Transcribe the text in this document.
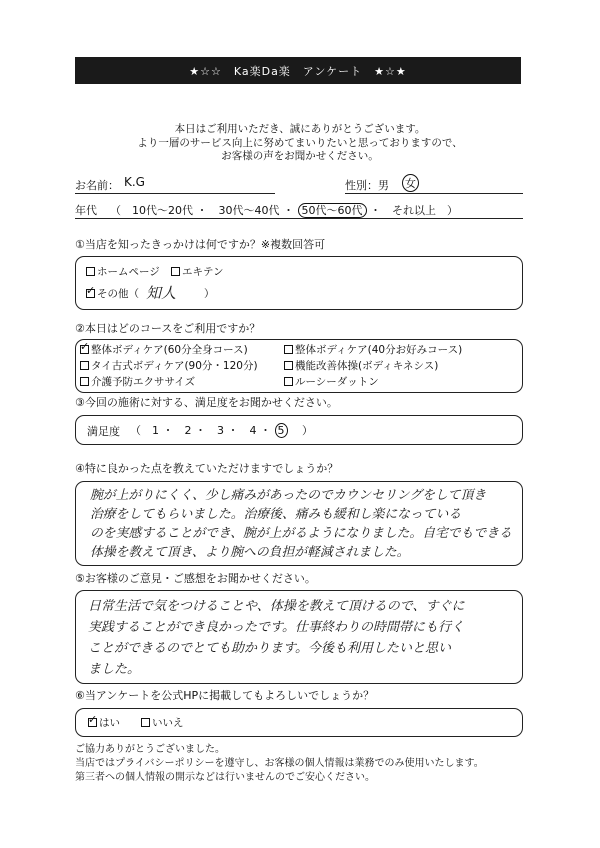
★☆☆　Ka楽Da楽　アンケート　★☆★
本日はご利用いただき、誠にありがとうございます。
より一層のサービス向上に努めてまいりたいと思っておりますので、
お客様の声をお聞かせください。
お名前： K.G	性別：男 女
年代 （　10代〜20代 ・　30代〜40代 ・ 50代〜60代 ・　それ以上　）
①当店を知ったきっかけは何ですか？※複数回答可
ホームページ	エキテン
✓その他（ 知人	）
②本日はどのコースをご利用ですか？
✓整体ボディケア(60分全身コース)	整体ボディケア(40分お好みコース)
タイ古式ボディケア(90分・120分)	機能改善体操(ボディキネシス)
介護予防エクササイズ	ルーシーダットン
③今回の施術に対する、満足度をお聞かせください。
満足度 （　1 ・　2 ・　3 ・　4 ・ 5 　）
④特に良かった点を教えていただけますでしょうか？
腕が上がりにくく、少し痛みがあったのでカウンセリングをして頂き
治療をしてもらいました。治療後、痛みも緩和し楽になっている
のを実感することができ、腕が上がるようになりました。自宅でもできる
体操を教えて頂き、より腕への負担が軽減されました。
⑤お客様のご意見・ご感想をお聞かせください。
日常生活で気をつけることや、体操を教えて頂けるので、すぐに
実践することができ良かったです。仕事終わりの時間帯にも行く
ことができるのでとても助かります。今後も利用したいと思い
ました。
⑥当アンケートを公式HPに掲載してもよろしいでしょうか？
✓はい	いいえ
ご協力ありがとうございました。
当店ではプライバシーポリシーを遵守し、お客様の個人情報は業務でのみ使用いたします。
第三者への個人情報の開示などは行いませんのでご安心ください。
